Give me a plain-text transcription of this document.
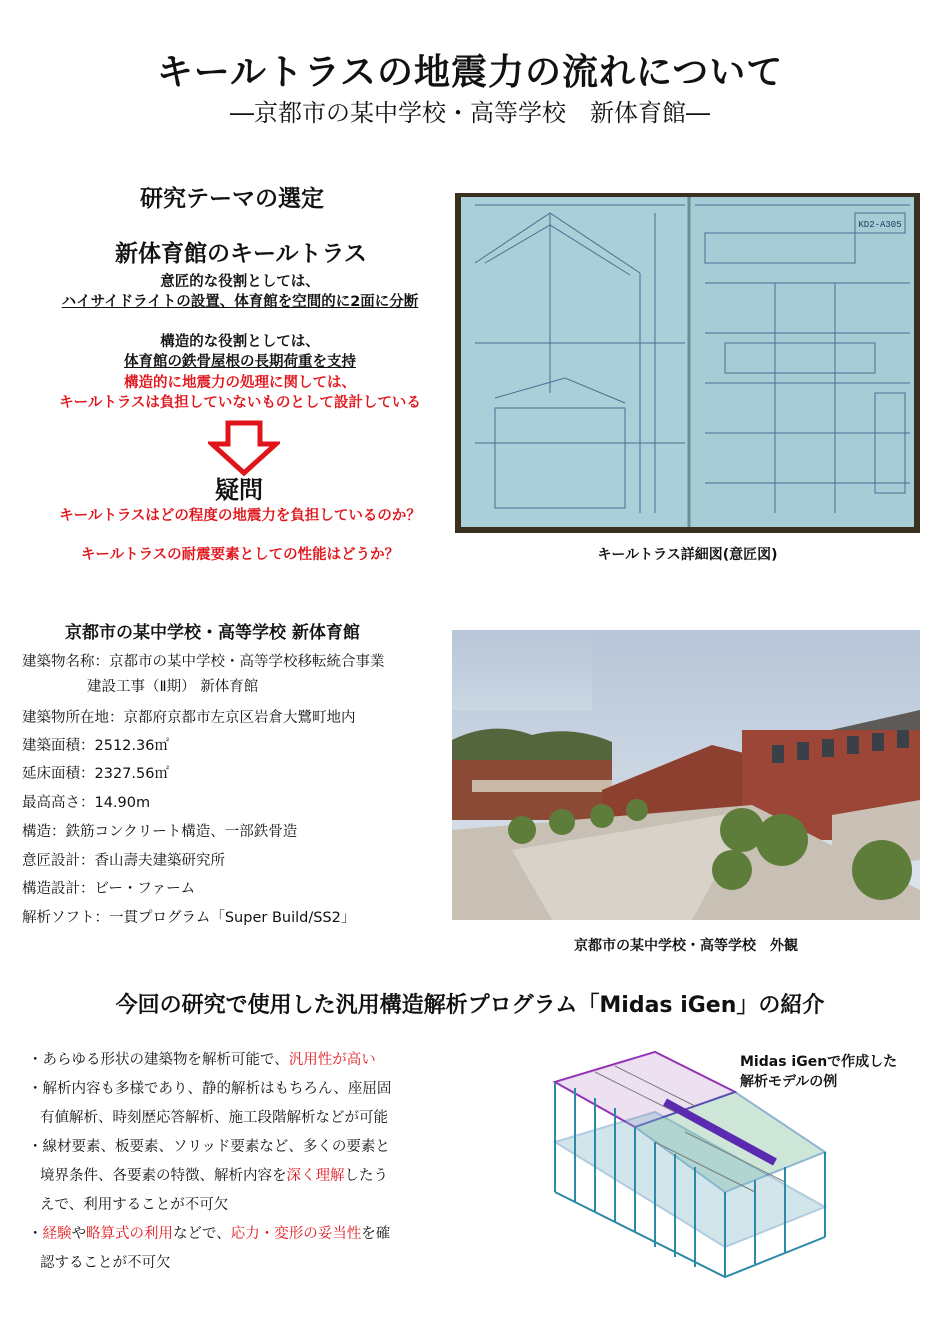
キールトラスの地震力の流れについて
―京都市の某中学校・高等学校　新体育館―
研究テーマの選定
新体育館のキールトラス
意匠的な役割としては、
ハイサイドライトの設置、体育館を空間的に2面に分断
構造的な役割としては、
体育館の鉄骨屋根の長期荷重を支持
構造的に地震力の処理に関しては、
キールトラスは負担していないものとして設計している
疑問
キールトラスはどの程度の地震力を負担しているのか？
キールトラスの耐震要素としての性能はどうか？
KD2-A305
キールトラス詳細図(意匠図)
京都市の某中学校・高等学校 新体育館
建築物名称：京都市の某中学校・高等学校移転統合事業
建設工事（Ⅱ期） 新体育館
建築物所在地：京都府京都市左京区岩倉大鷺町地内
建築面積：2512.36㎡
延床面積：2327.56㎡
最高高さ：14.90m
構造：鉄筋コンクリート構造、一部鉄骨造
意匠設計：香山壽夫建築研究所
構造設計：ビー・ファーム
解析ソフト：一貫プログラム「Super Build/SS2」
京都市の某中学校・高等学校　外観
今回の研究で使用した汎用構造解析プログラム「Midas iGen」の紹介
・あらゆる形状の建築物を解析可能で、汎用性が高い
・解析内容も多様であり、静的解析はもちろん、座屈固
有値解析、時刻歴応答解析、施工段階解析などが可能
・線材要素、板要素、ソリッド要素など、多くの要素と
境界条件、各要素の特徴、解析内容を深く理解したう
えで、利用することが不可欠
・経験や略算式の利用などで、応力・変形の妥当性を確
認することが不可欠
Midas iGenで作成した
解析モデルの例
